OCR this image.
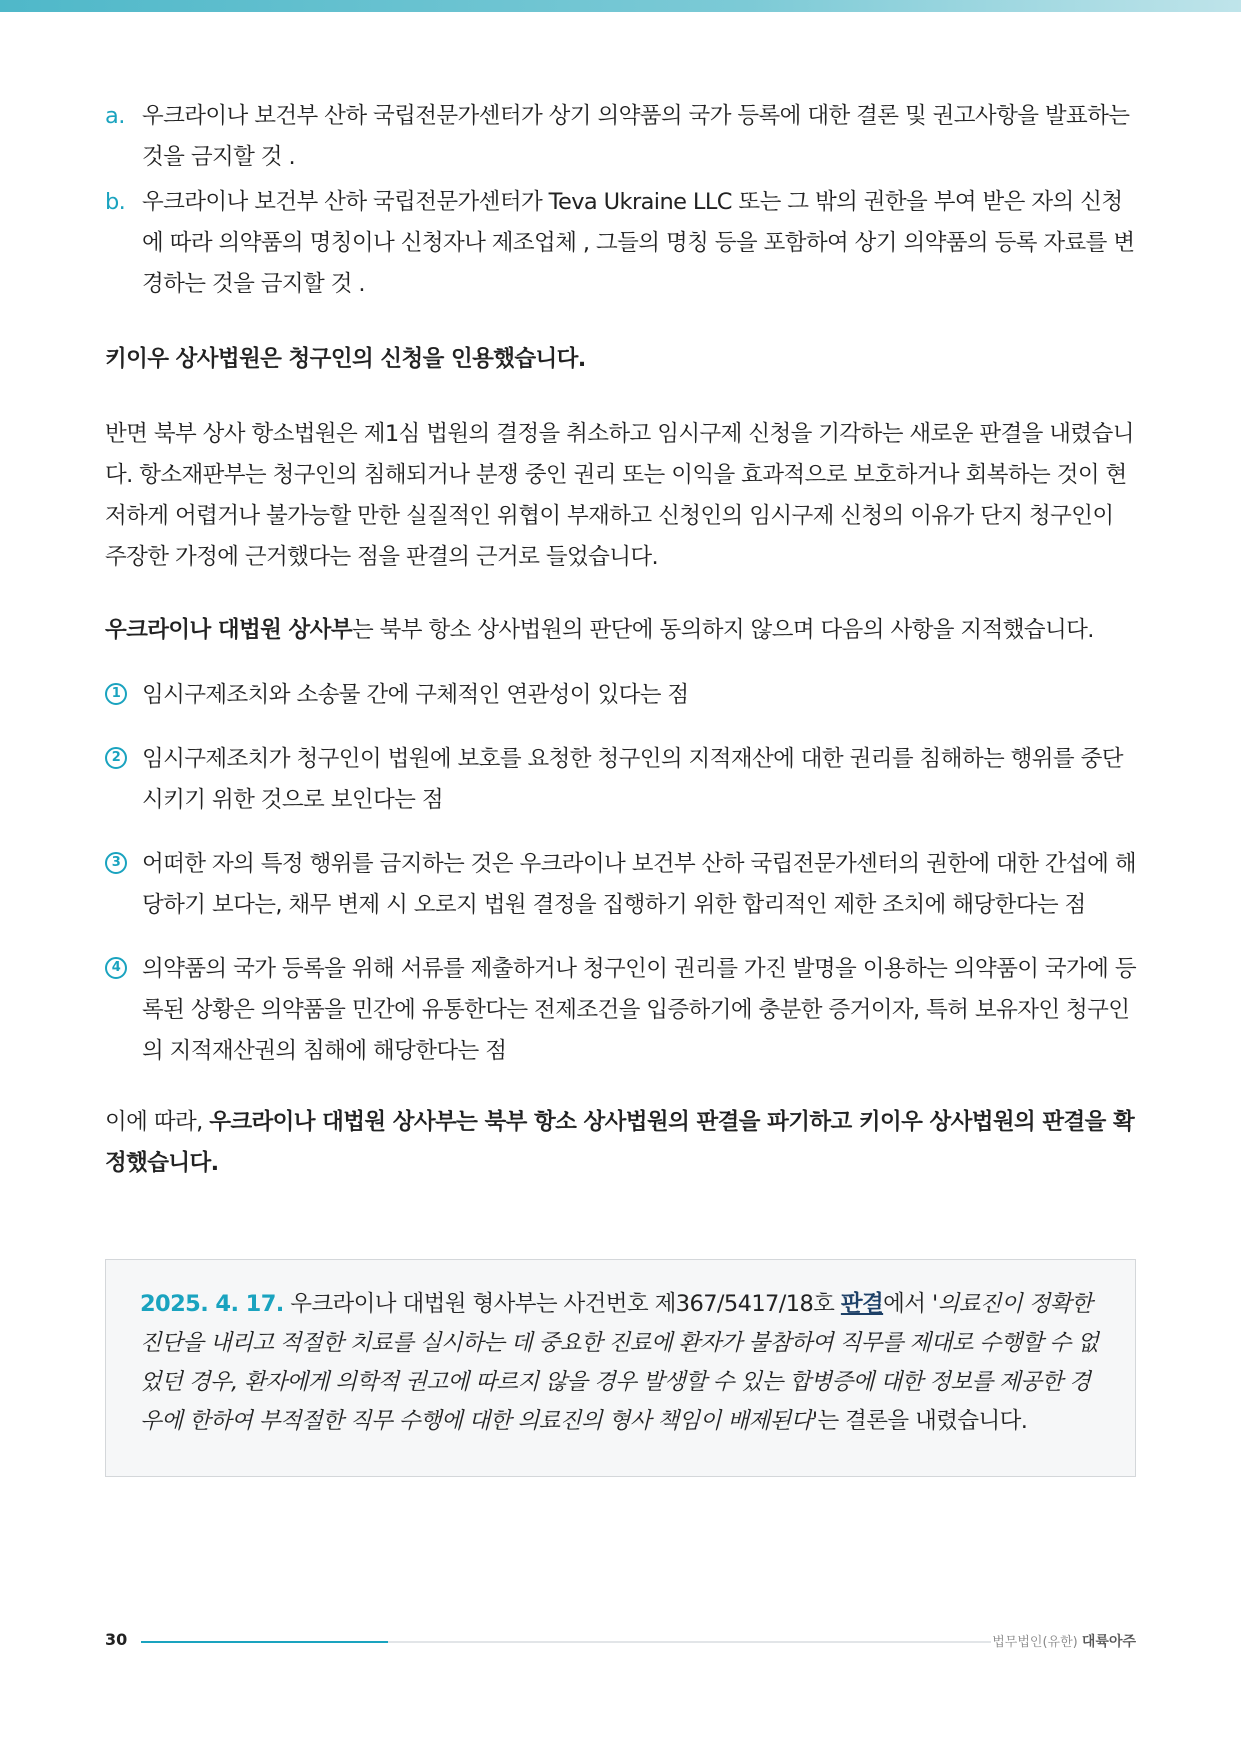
a. 우크라이나 보건부 산하 국립전문가센터가 상기 의약품의 국가 등록에 대한 결론 및 권고사항을 발표하는 것을 금지할 것 .
b. 우크라이나 보건부 산하 국립전문가센터가 Teva Ukraine LLC 또는 그 밖의 권한을 부여 받은 자의 신청에 따라 의약품의 명칭이나 신청자나 제조업체 , 그들의 명칭 등을 포함하여 상기 의약품의 등록 자료를 변경하는 것을 금지할 것 .

키이우 상사법원은 청구인의 신청을 인용했습니다.

반면 북부 상사 항소법원은 제1심 법원의 결정을 취소하고 임시구제 신청을 기각하는 새로운 판결을 내렸습니다. 항소재판부는 청구인의 침해되거나 분쟁 중인 권리 또는 이익을 효과적으로 보호하거나 회복하는 것이 현저하게 어렵거나 불가능할 만한 실질적인 위협이 부재하고 신청인의 임시구제 신청의 이유가 단지 청구인이 주장한 가정에 근거했다는 점을 판결의 근거로 들었습니다.

우크라이나 대법원 상사부는 북부 항소 상사법원의 판단에 동의하지 않으며 다음의 사항을 지적했습니다.

1 임시구제조치와 소송물 간에 구체적인 연관성이 있다는 점
2 임시구제조치가 청구인이 법원에 보호를 요청한 청구인의 지적재산에 대한 권리를 침해하는 행위를 중단시키기 위한 것으로 보인다는 점
3 어떠한 자의 특정 행위를 금지하는 것은 우크라이나 보건부 산하 국립전문가센터의 권한에 대한 간섭에 해당하기 보다는, 채무 변제 시 오로지 법원 결정을 집행하기 위한 합리적인 제한 조치에 해당한다는 점
4 의약품의 국가 등록을 위해 서류를 제출하거나 청구인이 권리를 가진 발명을 이용하는 의약품이 국가에 등록된 상황은 의약품을 민간에 유통한다는 전제조건을 입증하기에 충분한 증거이자, 특허 보유자인 청구인의 지적재산권의 침해에 해당한다는 점

이에 따라, 우크라이나 대법원 상사부는 북부 항소 상사법원의 판결을 파기하고 키이우 상사법원의 판결을 확정했습니다.

2025. 4. 17. 우크라이나 대법원 형사부는 사건번호 제367/5417/18호 판결에서 '의료진이 정확한 진단을 내리고 적절한 치료를 실시하는 데 중요한 진료에 환자가 불참하여 직무를 제대로 수행할 수 없었던 경우, 환자에게 의학적 권고에 따르지 않을 경우 발생할 수 있는 합병증에 대한 정보를 제공한 경우에 한하여 부적절한 직무 수행에 대한 의료진의 형사 책임이 배제된다'는 결론을 내렸습니다.

30	법무법인(유한) 대륙아주
